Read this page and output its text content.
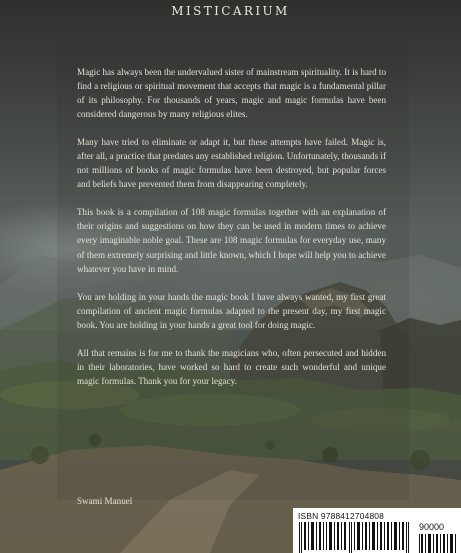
MISTICARIUM

Magic has always been the undervalued sister of mainstream spirituality. It is hard to find a religious or spiritual movement that accepts that magic is a fundamental pillar of its philosophy. For thousands of years, magic and magic formulas have been considered dangerous by many religious elites.

Many have tried to eliminate or adapt it, but these attempts have failed. Magic is, after all, a practice that predates any established religion. Unfortunately, thousands if not millions of books of magic formulas have been destroyed, but popular forces and beliefs have prevented them from disappearing completely.

This book is a compilation of 108 magic formulas together with an explanation of their origins and suggestions on how they can be used in modern times to achieve every imaginable noble goal. These are 108 magic formulas for everyday use, many of them extremely surprising and little known, which I hope will help you to achieve whatever you have in mind.

You are holding in your hands the magic book I have always wanted, my first great compilation of ancient magic formulas adapted to the present day, my first magic book. You are holding in your hands a great tool for doing magic.

All that remains is for me to thank the magicians who, often persecuted and hidden in their laboratories, have worked so hard to create such wonderful and unique magic formulas. Thank you for your legacy.

Swami Manuel
ISBN 9788412704808
90000
